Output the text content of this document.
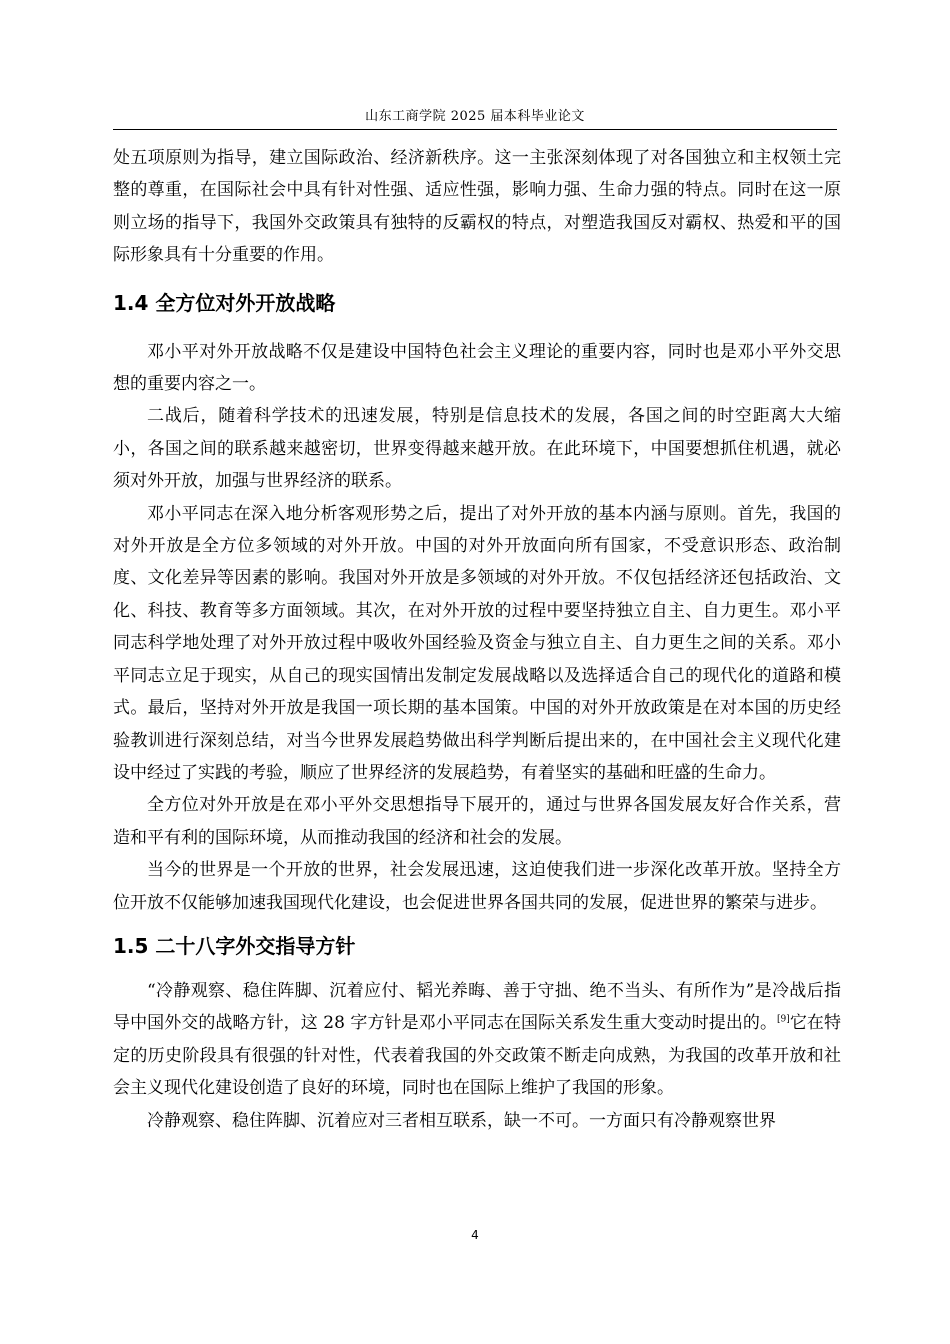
山东工商学院 2025 届本科毕业论文

处五项原则为指导，建立国际政治、经济新秩序。这一主张深刻体现了对各国独立和主权领土完整的尊重，在国际社会中具有针对性强、适应性强，影响力强、生命力强的特点。同时在这一原则立场的指导下，我国外交政策具有独特的反霸权的特点，对塑造我国反对霸权、热爱和平的国际形象具有十分重要的作用。

1.4 全方位对外开放战略

邓小平对外开放战略不仅是建设中国特色社会主义理论的重要内容，同时也是邓小平外交思想的重要内容之一。

二战后，随着科学技术的迅速发展，特别是信息技术的发展，各国之间的时空距离大大缩小，各国之间的联系越来越密切，世界变得越来越开放。在此环境下，中国要想抓住机遇，就必须对外开放，加强与世界经济的联系。

邓小平同志在深入地分析客观形势之后，提出了对外开放的基本内涵与原则。首先，我国的对外开放是全方位多领域的对外开放。中国的对外开放面向所有国家，不受意识形态、政治制度、文化差异等因素的影响。我国对外开放是多领域的对外开放。不仅包括经济还包括政治、文化、科技、教育等多方面领域。其次，在对外开放的过程中要坚持独立自主、自力更生。邓小平同志科学地处理了对外开放过程中吸收外国经验及资金与独立自主、自力更生之间的关系。邓小平同志立足于现实，从自己的现实国情出发制定发展战略以及选择适合自己的现代化的道路和模式。最后，坚持对外开放是我国一项长期的基本国策。中国的对外开放政策是在对本国的历史经验教训进行深刻总结，对当今世界发展趋势做出科学判断后提出来的，在中国社会主义现代化建设中经过了实践的考验，顺应了世界经济的发展趋势，有着坚实的基础和旺盛的生命力。

全方位对外开放是在邓小平外交思想指导下展开的，通过与世界各国发展友好合作关系，营造和平有利的国际环境，从而推动我国的经济和社会的发展。

当今的世界是一个开放的世界，社会发展迅速，这迫使我们进一步深化改革开放。坚持全方位开放不仅能够加速我国现代化建设，也会促进世界各国共同的发展，促进世界的繁荣与进步。

1.5 二十八字外交指导方针

“冷静观察、稳住阵脚、沉着应付、韬光养晦、善于守拙、绝不当头、有所作为”是冷战后指导中国外交的战略方针，这 28 字方针是邓小平同志在国际关系发生重大变动时提出的。[9]它在特定的历史阶段具有很强的针对性，代表着我国的外交政策不断走向成熟，为我国的改革开放和社会主义现代化建设创造了良好的环境，同时也在国际上维护了我国的形象。

冷静观察、稳住阵脚、沉着应对三者相互联系，缺一不可。一方面只有冷静观察世界

4
